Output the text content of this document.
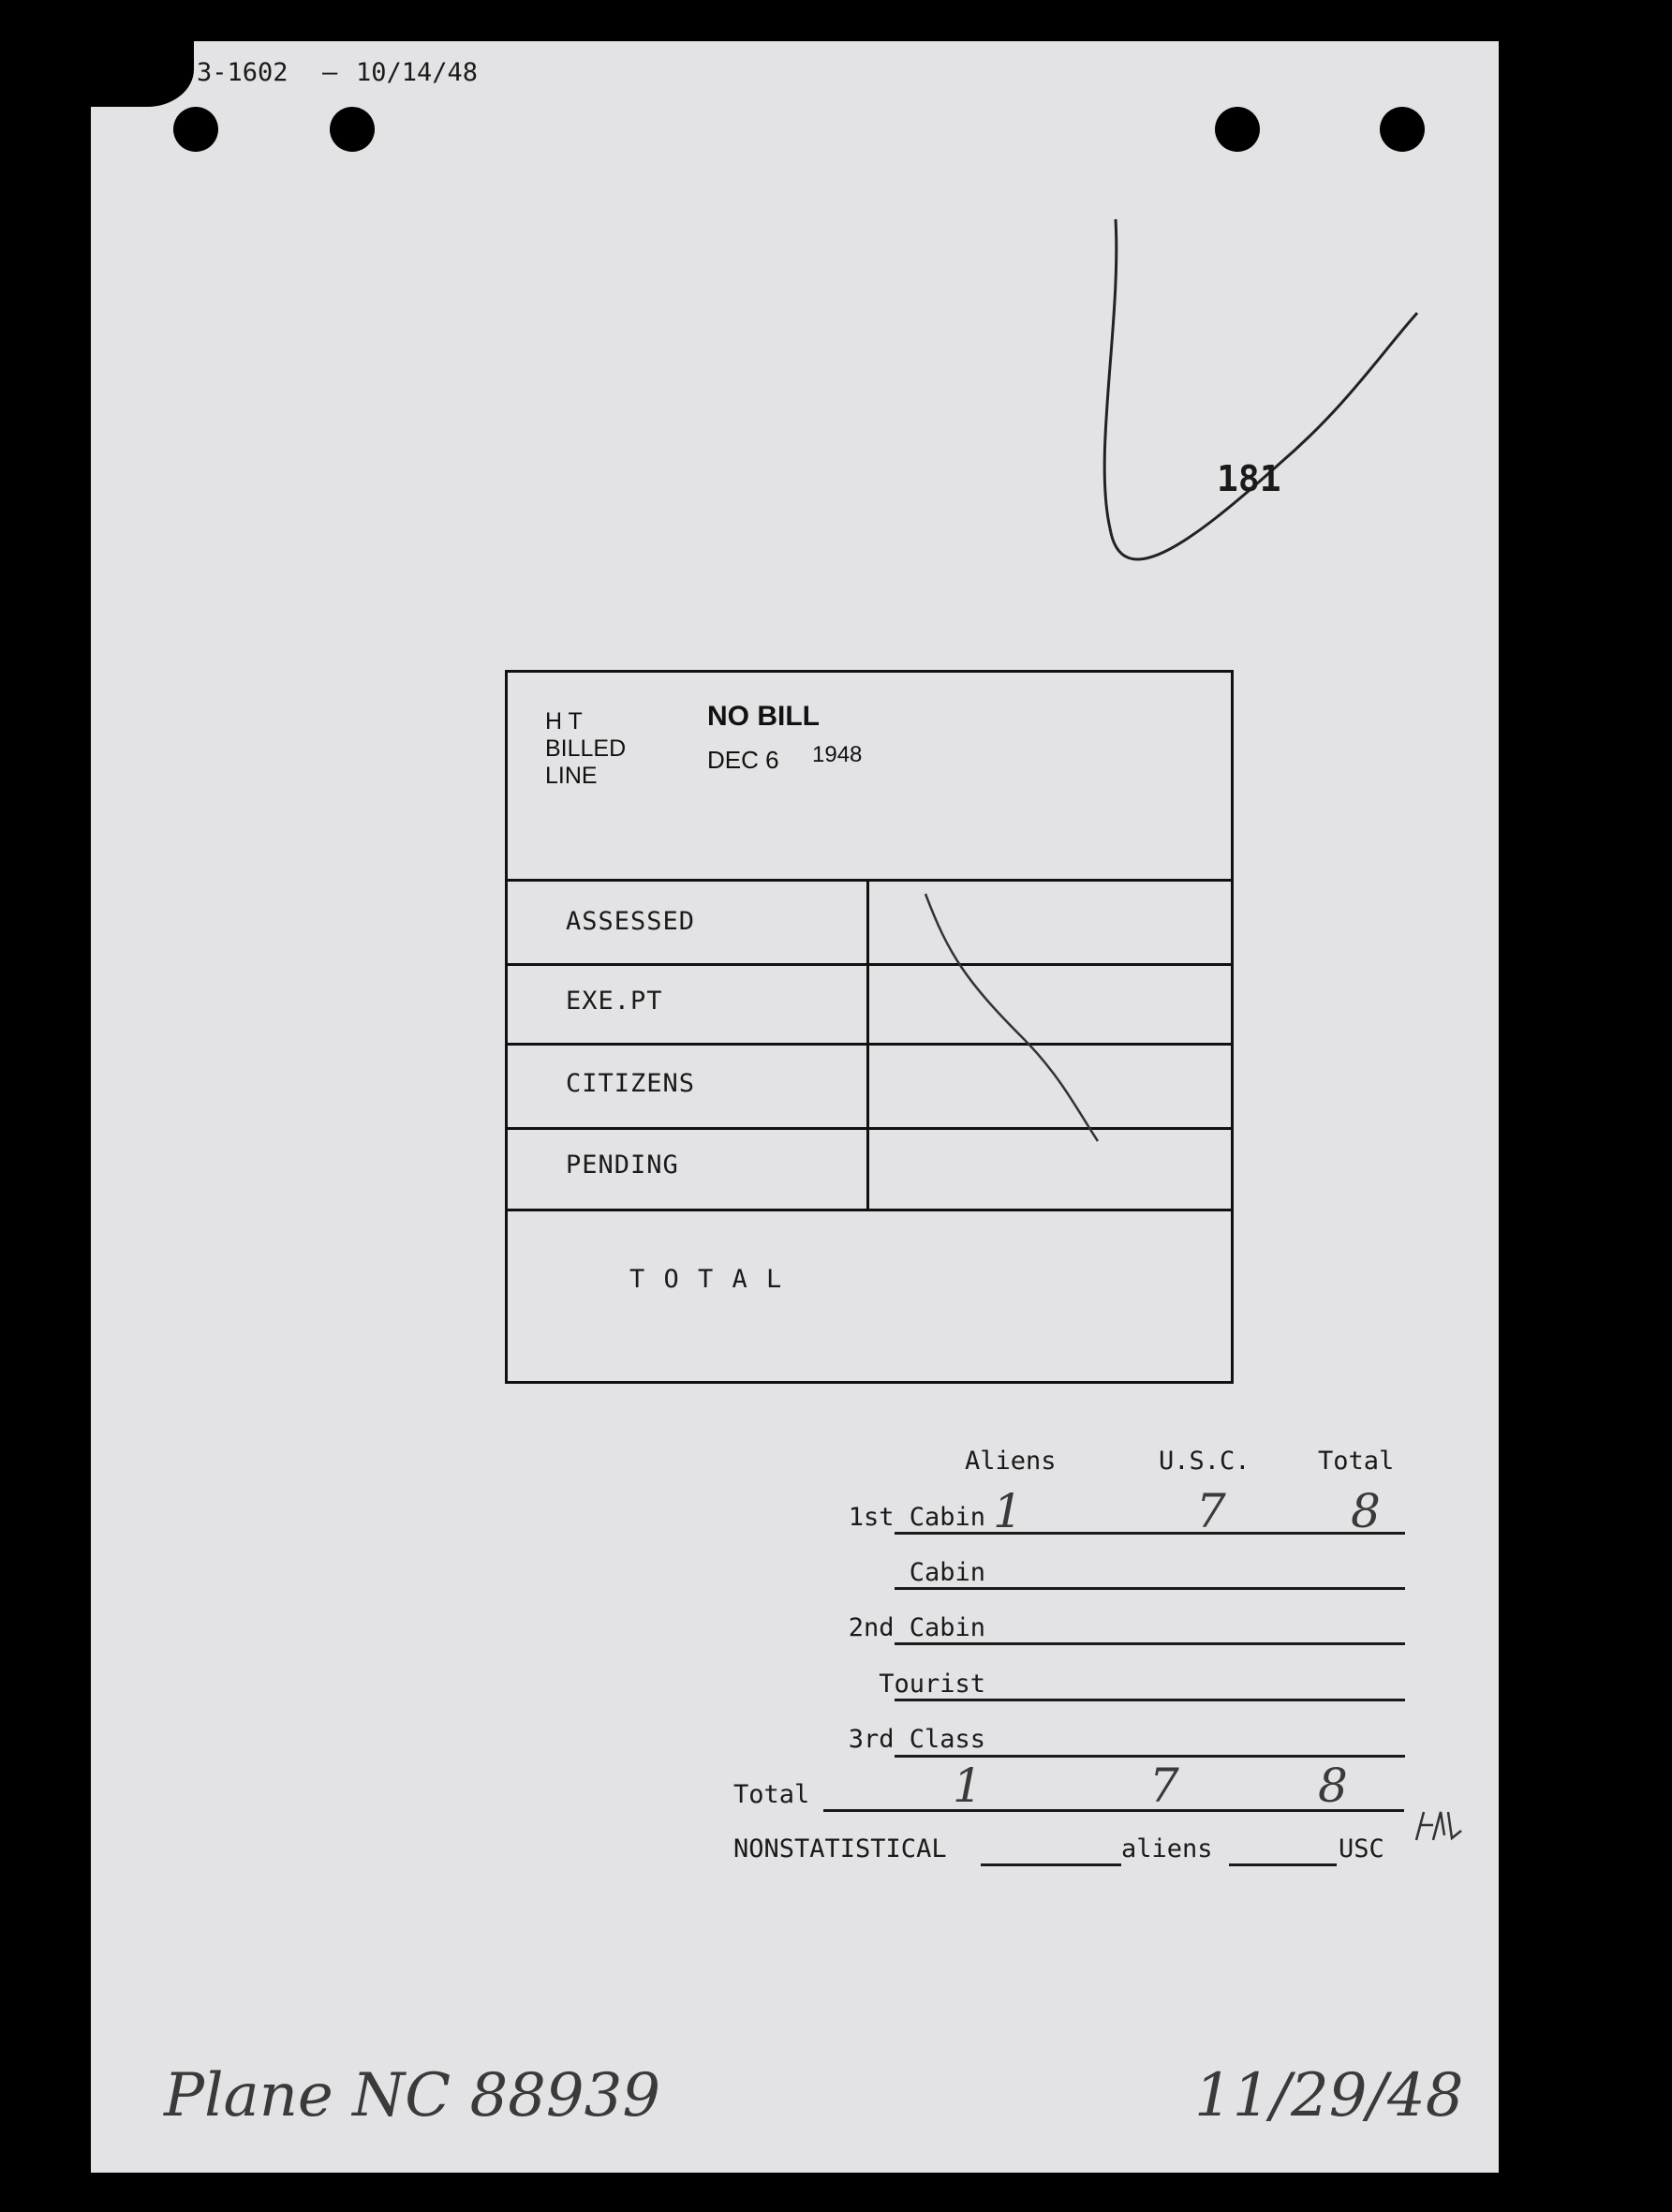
3-1602 — 10/14/48
181
H T
BILLED
LINE
NO BILL
DEC 6 1948
ASSESSED
EXE.PT
CITIZENS
PENDING
T O T A L
Aliens	U.S.C.	Total
1st Cabin 1	7	8
Cabin
2nd Cabin
Tourist
3rd Class
Total	1	7	8
NONSTATISTICAL	aliens	USC
Plane NC 88939	11/29/48
